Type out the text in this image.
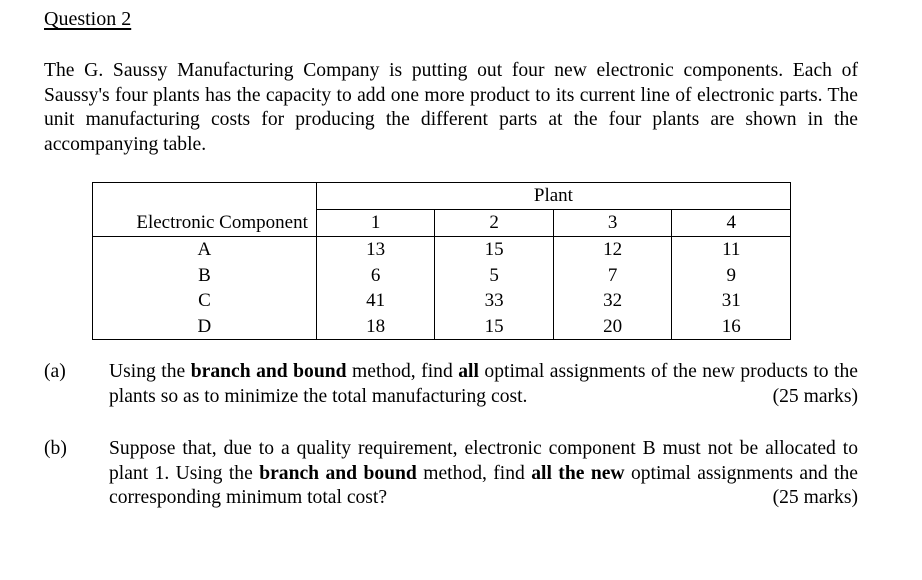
Question 2
The G. Saussy Manufacturing Company is putting out four new electronic components. Each of Saussy's four plants has the capacity to add one more product to its current line of electronic parts. The unit manufacturing costs for producing the different parts at the four plants are shown in the accompanying table.
	Plant			
Electronic Component	1	2	3	4
A	13	15	12	11
B	6	5	7	9
C	41	33	32	31
D	18	15	20	16
(a) Using the branch and bound method, find all optimal assignments of the new products to the plants so as to minimize the total manufacturing cost.	(25 marks)
(b) Suppose that, due to a quality requirement, electronic component B must not be allocated to plant 1. Using the branch and bound method, find all the new optimal assignments and the corresponding minimum total cost?	(25 marks)
